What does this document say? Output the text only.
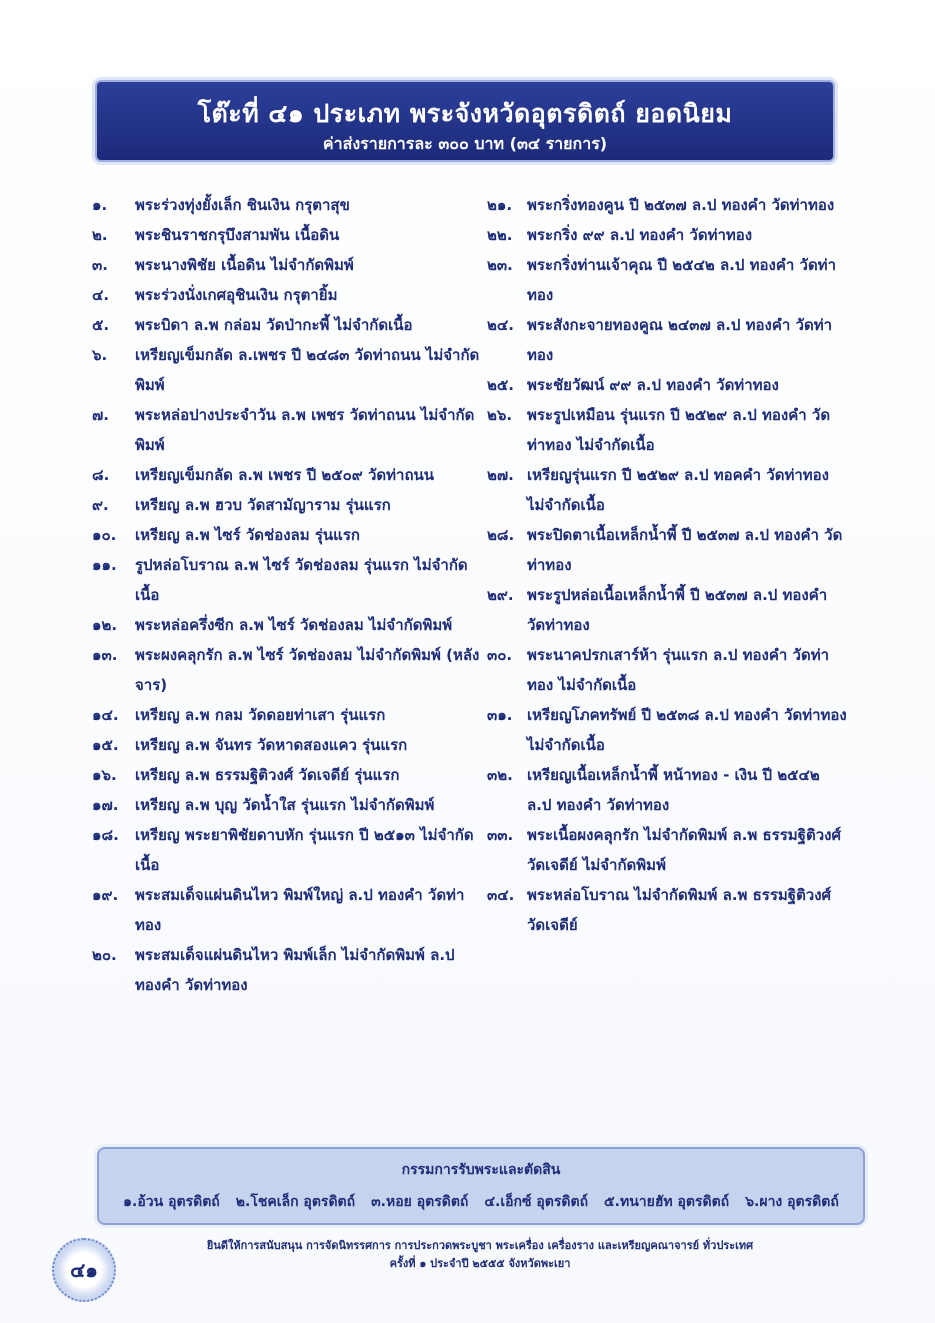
โต๊ะที่ ๔๑ ประเภท พระจังหวัดอุตรดิตถ์ ยอดนิยม
ค่าส่งรายการละ ๓๐๐ บาท (๓๔ รายการ)
๑.	พระร่วงทุ่งยั้งเล็ก ชินเงิน กรุตาสุข
๒.	พระชินราชกรุบึงสามพัน เนื้อดิน
๓.	พระนางพิชัย เนื้อดิน ไม่จำกัดพิมพ์
๔.	พระร่วงนั่งเกศอุชินเงิน กรุตายิ้ม
๕.	พระบิดา ล.พ กล่อม วัดป่ากะพี้ ไม่จำกัดเนื้อ
๖.	เหรียญเข็มกลัด ล.เพชร ปี ๒๔๘๓ วัดท่าถนน ไม่จำกัดพิมพ์
๗.	พระหล่อปางประจำวัน ล.พ เพชร วัดท่าถนน ไม่จำกัดพิมพ์
๘.	เหรียญเข็มกลัด ล.พ เพชร ปี ๒๕๐๙ วัดท่าถนน
๙.	เหรียญ ล.พ ฮวบ วัดสามัญาราม รุ่นแรก
๑๐.	เหรียญ ล.พ ไซร์ วัดช่องลม รุ่นแรก
๑๑.	รูปหล่อโบราณ ล.พ ไซร์ วัดช่องลม รุ่นแรก ไม่จำกัดเนื้อ
๑๒.	พระหล่อครึ่งซีก ล.พ ไซร์ วัดช่องลม ไม่จำกัดพิมพ์
๑๓.	พระผงคลุกรัก ล.พ ไซร์ วัดช่องลม ไม่จำกัดพิมพ์ (หลังจาร)
๑๔.	เหรียญ ล.พ กลม วัดดอยท่าเสา รุ่นแรก
๑๕.	เหรียญ ล.พ จันทร วัดหาดสองแคว รุ่นแรก
๑๖.	เหรียญ ล.พ ธรรมฐิติวงศ์ วัดเจดีย์ รุ่นแรก
๑๗.	เหรียญ ล.พ บุญ วัดน้ำใส รุ่นแรก ไม่จำกัดพิมพ์
๑๘.	เหรียญ พระยาพิชัยดาบหัก รุ่นแรก ปี ๒๕๑๓ ไม่จำกัดเนื้อ
๑๙.	พระสมเด็จแผ่นดินไหว พิมพ์ใหญ่ ล.ป ทองคำ วัดท่าทอง
๒๐.	พระสมเด็จแผ่นดินไหว พิมพ์เล็ก ไม่จำกัดพิมพ์ ล.ป ทองคำ วัดท่าทอง
๒๑. พระกริ่งทองคูน ปี ๒๕๓๗ ล.ป ทองคำ วัดท่าทอง
๒๒. พระกริ่ง ๙๙ ล.ป ทองคำ วัดท่าทอง
๒๓. พระกริ่งท่านเจ้าคุณ ปี ๒๕๔๒ ล.ป ทองคำ วัดท่าทอง
๒๔. พระสังกะจายทองคูณ ๒๔๓๗ ล.ป ทองคำ วัดท่าทอง
๒๕. พระชัยวัฒน์ ๙๙ ล.ป ทองคำ วัดท่าทอง
๒๖. พระรูปเหมือน รุ่นแรก ปี ๒๕๒๙ ล.ป ทองคำ วัดท่าทอง ไม่จำกัดเนื้อ
๒๗. เหรียญรุ่นแรก ปี ๒๕๒๙ ล.ป ทอคคำ วัดท่าทอง ไม่จำกัดเนื้อ
๒๘. พระปิดตาเนื้อเหล็กน้ำพี้ ปี ๒๕๓๗ ล.ป ทองคำ วัดท่าทอง
๒๙. พระรูปหล่อเนื้อเหล็กน้ำพี้ ปี ๒๕๓๗ ล.ป ทองคำ วัดท่าทอง
๓๐. พระนาคปรกเสาร์ห้า รุ่นแรก ล.ป ทองคำ วัดท่าทอง ไม่จำกัดเนื้อ
๓๑. เหรียญโภคทรัพย์ ปี ๒๕๓๘ ล.ป ทองคำ วัดท่าทอง ไม่จำกัดเนื้อ
๓๒. เหรียญเนื้อเหล็กน้ำพี้ หน้าทอง - เงิน ปี ๒๕๔๒ ล.ป ทองคำ วัดท่าทอง
๓๓. พระเนื้อผงคลุกรัก ไม่จำกัดพิมพ์ ล.พ ธรรมฐิติวงศ์ วัดเจดีย์ ไม่จำกัดพิมพ์
๓๔. พระหล่อโบราณ ไม่จำกัดพิมพ์ ล.พ ธรรมฐิติวงศ์ วัดเจดีย์
กรรมการรับพระและตัดสิน
๑.อ้วน อุตรดิตถ์ ๒.โชคเล็ก อุตรดิตถ์ ๓.หอย อุตรดิตถ์ ๔.เอ็กซ์ อุตรดิตถ์ ๕.ทนายฮัท อุตรดิตถ์ ๖.ผาง อุตรดิตถ์
๔๑
ยินดีให้การสนับสนุน การจัดนิทรรศการ การประกวดพระบูชา พระเครื่อง เครื่องราง และเหรียญคณาจารย์ ทั่วประเทศ
ครั้งที่ ๑ ประจำปี ๒๕๕๕ จังหวัดพะเยา
